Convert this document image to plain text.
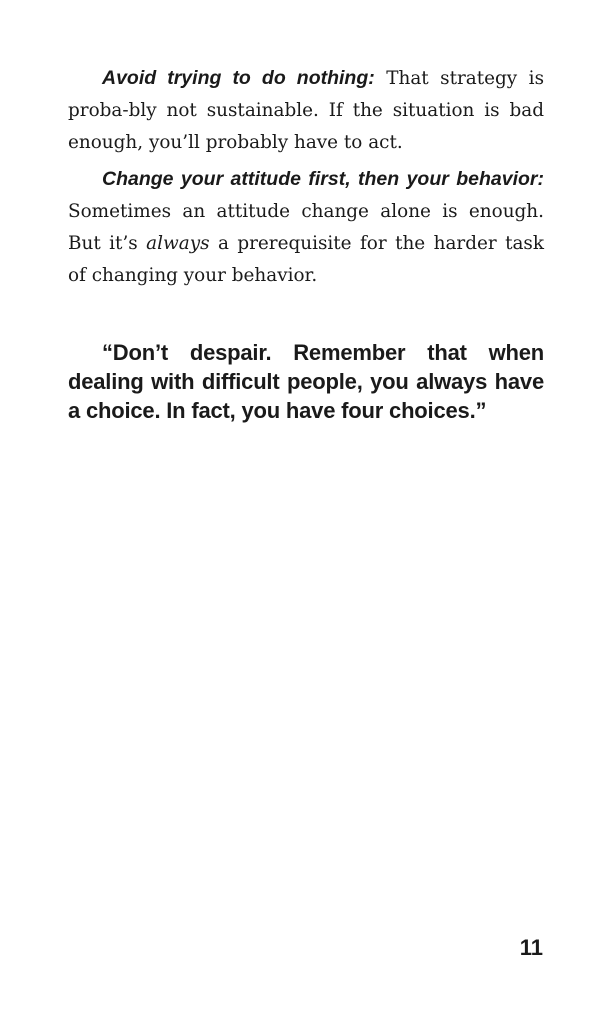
Avoid trying to do nothing: That strategy is proba-bly not sustainable. If the situation is bad enough, you’ll probably have to act.

Change your attitude first, then your behavior: Sometimes an attitude change alone is enough. But it’s always a prerequisite for the harder task of changing your behavior.

“Don’t despair. Remember that when dealing with difficult people, you always have a choice. In fact, you have four choices.”

11
